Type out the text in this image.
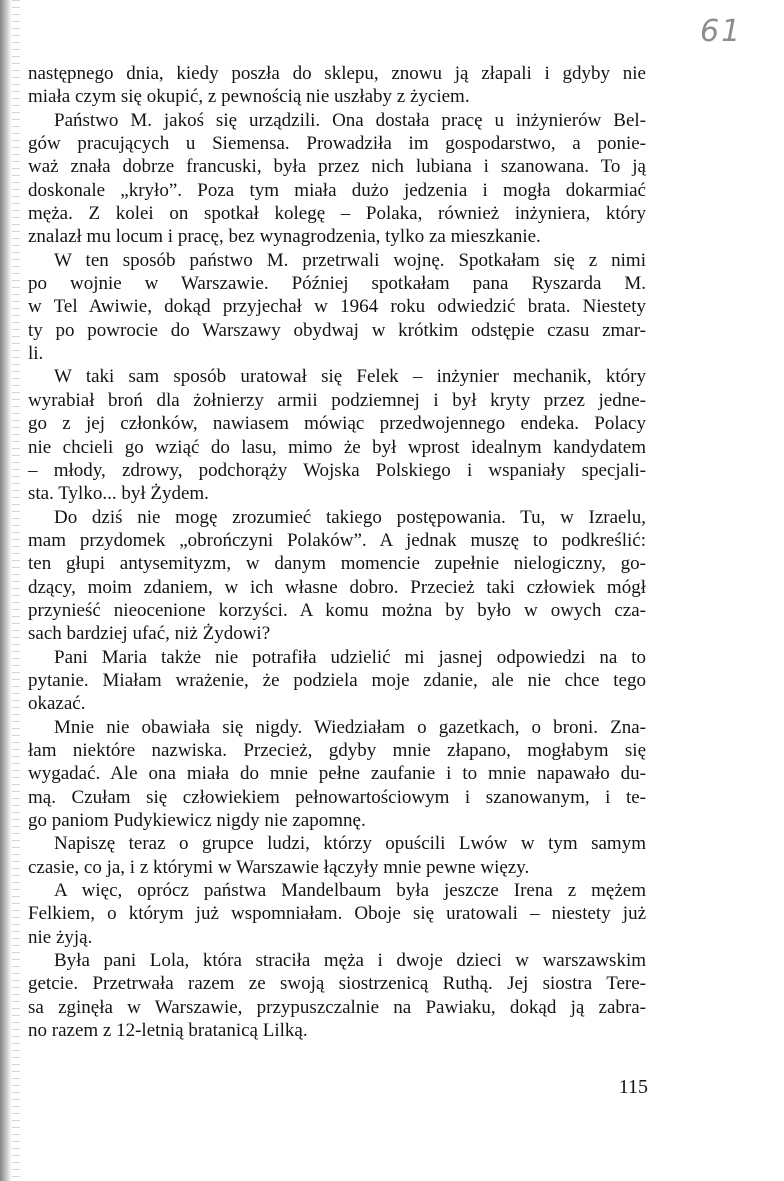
61

następnego dnia, kiedy poszła do sklepu, znowu ją złapali i gdyby nie
miała czym się okupić, z pewnością nie uszłaby z życiem.

Państwo M. jakoś się urządzili. Ona dostała pracę u inżynierów Bel-
gów pracujących u Siemensa. Prowadziła im gospodarstwo, a ponie-
waż znała dobrze francuski, była przez nich lubiana i szanowana. To ją
doskonale „kryło”. Poza tym miała dużo jedzenia i mogła dokarmiać
męża. Z kolei on spotkał kolegę – Polaka, również inżyniera, który
znalazł mu locum i pracę, bez wynagrodzenia, tylko za mieszkanie.

W ten sposób państwo M. przetrwali wojnę. Spotkałam się z nimi
po wojnie w Warszawie. Później spotkałam pana Ryszarda M.
w Tel Awiwie, dokąd przyjechał w 1964 roku odwiedzić brata. Niestety
ty po powrocie do Warszawy obydwaj w krótkim odstępie czasu zmar-
li.

W taki sam sposób uratował się Felek – inżynier mechanik, który
wyrabiał broń dla żołnierzy armii podziemnej i był kryty przez jedne-
go z jej członków, nawiasem mówiąc przedwojennego endeka. Polacy
nie chcieli go wziąć do lasu, mimo że był wprost idealnym kandydatem
– młody, zdrowy, podchorąży Wojska Polskiego i wspaniały specjali-
sta. Tylko... był Żydem.

Do dziś nie mogę zrozumieć takiego postępowania. Tu, w Izraelu,
mam przydomek „obrończyni Polaków”. A jednak muszę to podkreślić:
ten głupi antysemityzm, w danym momencie zupełnie nielogiczny, go-
dzący, moim zdaniem, w ich własne dobro. Przecież taki człowiek mógł
przynieść nieocenione korzyści. A komu można by było w owych cza-
sach bardziej ufać, niż Żydowi?

Pani Maria także nie potrafiła udzielić mi jasnej odpowiedzi na to
pytanie. Miałam wrażenie, że podziela moje zdanie, ale nie chce tego
okazać.

Mnie nie obawiała się nigdy. Wiedziałam o gazetkach, o broni. Zna-
łam niektóre nazwiska. Przecież, gdyby mnie złapano, mogłabym się
wygadać. Ale ona miała do mnie pełne zaufanie i to mnie napawało du-
mą. Czułam się człowiekiem pełnowartościowym i szanowanym, i te-
go paniom Pudykiewicz nigdy nie zapomnę.

Napiszę teraz o grupce ludzi, którzy opuścili Lwów w tym samym
czasie, co ja, i z którymi w Warszawie łączyły mnie pewne więzy.

A więc, oprócz państwa Mandelbaum była jeszcze Irena z mężem
Felkiem, o którym już wspomniałam. Oboje się uratowali – niestety już
nie żyją.

Była pani Lola, która straciła męża i dwoje dzieci w warszawskim
getcie. Przetrwała razem ze swoją siostrzenicą Ruthą. Jej siostra Tere-
sa zginęła w Warszawie, przypuszczalnie na Pawiaku, dokąd ją zabra-
no razem z 12-letnią bratanicą Lilką.

115
